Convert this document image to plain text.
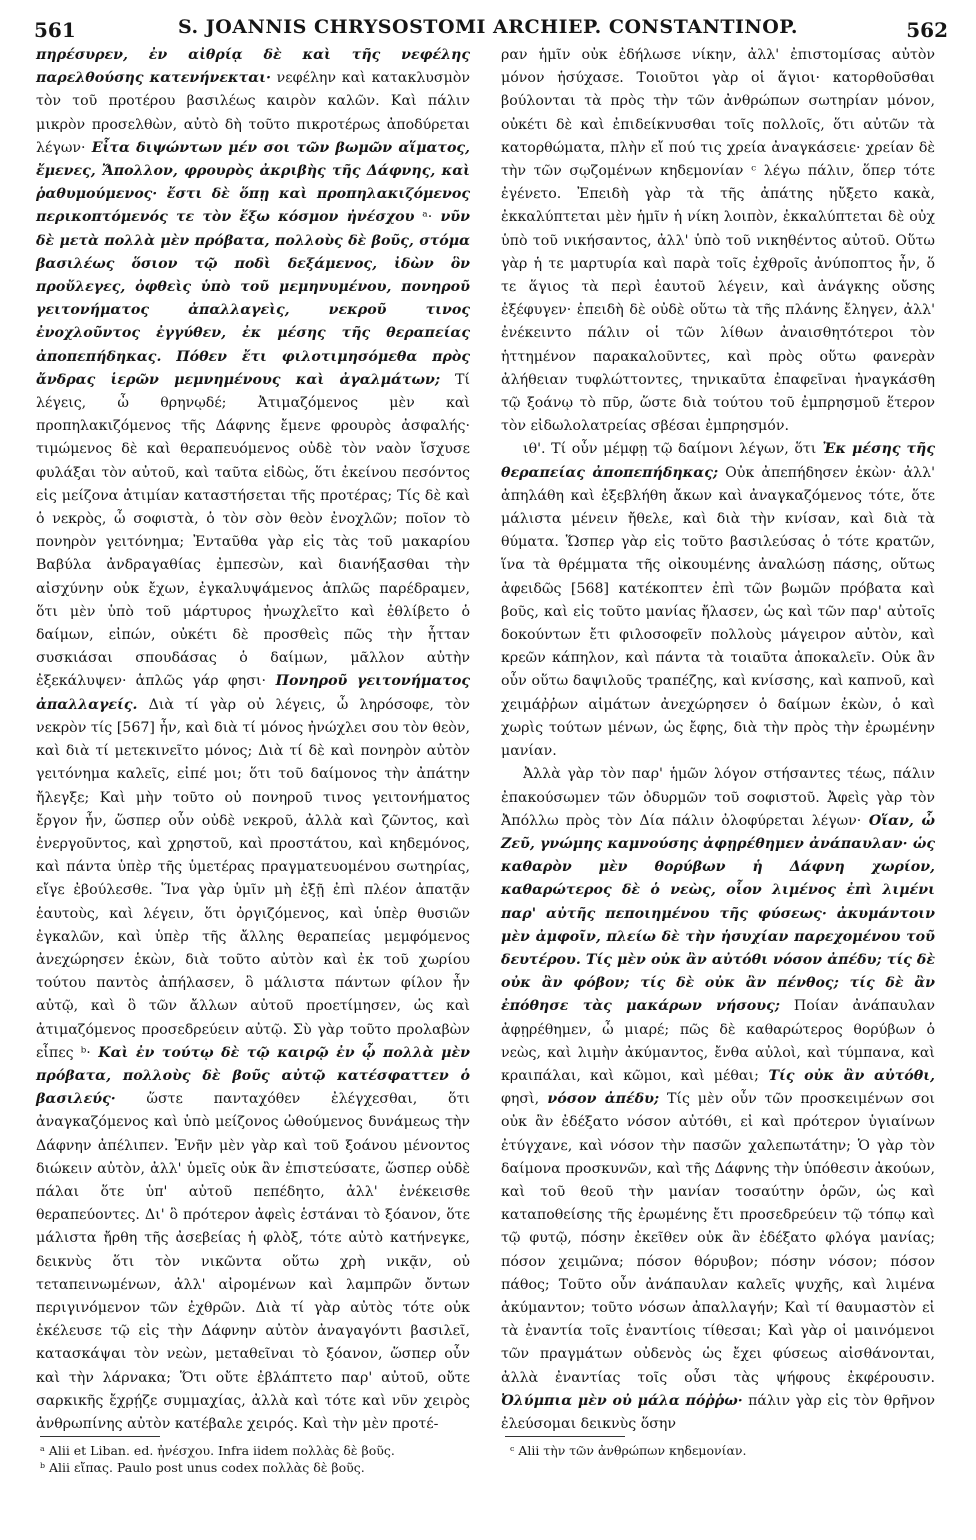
561	S. JOANNIS CHRYSOSTOMI ARCHIEP. CONSTANTINOP.	562

πηρέσυρεν, ἐν αἰθρίᾳ δὲ καὶ τῆς νεφέλης παρελθούσης κατενήνεκται· νεφέλην καὶ κατακλυσμὸν τὸν τοῦ προτέρου βασιλέως καιρὸν καλῶν. Καὶ πάλιν μικρὸν προσελθὼν, αὐτὸ δὴ τοῦτο πικροτέρως ἀποδύρεται λέγων· Εἶτα διψώντων μέν σοι τῶν βωμῶν αἵματος, ἔμενες, Ἄπολλον, φρουρὸς ἀκριβὴς τῆς Δάφνης, καὶ ῥαθυμούμενος· ἔστι δὲ ὅπῃ καὶ προπηλακιζόμενος περικοπτόμενός τε τὸν ἔξω κόσμον ἠνέσχου ᵃ· νῦν δὲ μετὰ πολλὰ μὲν πρόβατα, πολλοὺς δὲ βοῦς, στόμα βασιλέως ὅσιον τῷ ποδὶ δεξάμενος, ἰδὼν ὃν προὔλεγες, ὀφθεὶς ὑπὸ τοῦ μεμηνυμένου, πονηροῦ γειτονήματος ἀπαλλαγεὶς, νεκροῦ τινος ἐνοχλοῦντος ἐγγύθεν, ἐκ μέσης τῆς θεραπείας ἀποπεπήδηκας. Πόθεν ἔτι φιλοτιμησόμεθα πρὸς ἄνδρας ἱερῶν μεμνημένους καὶ ἀγαλμάτων; Τί λέγεις, ὦ θρηνῳδέ; Ἀτιμαζόμενος μὲν καὶ προπηλακιζόμενος τῆς Δάφνης ἔμενε φρουρὸς ἀσφαλής· τιμώμενος δὲ καὶ θεραπευόμενος οὐδὲ τὸν ναὸν ἴσχυσε φυλάξαι τὸν αὐτοῦ, καὶ ταῦτα εἰδὼς, ὅτι ἐκείνου πεσόντος εἰς μείζονα ἀτιμίαν καταστήσεται τῆς προτέρας; Τίς δὲ καὶ ὁ νεκρὸς, ὦ σοφιστὰ, ὁ τὸν σὸν θεὸν ἐνοχλῶν; ποῖον τὸ πονηρὸν γειτόνημα; Ἐνταῦθα γὰρ εἰς τὰς τοῦ μακαρίου Βαβύλα ἀνδραγαθίας ἐμπεσὼν, καὶ διανήξασθαι τὴν αἰσχύνην οὐκ ἔχων, ἐγκαλυψάμενος ἁπλῶς παρέδραμεν, ὅτι μὲν ὑπὸ τοῦ μάρτυρος ἠνωχλεῖτο καὶ ἐθλίβετο ὁ δαίμων, εἰπών, οὐκέτι δὲ προσθεὶς πῶς τὴν ἧτταν συσκιάσαι σπουδάσας ὁ δαίμων, μᾶλλον αὐτὴν ἐξεκάλυψεν· ἁπλῶς γάρ φησι· Πονηροῦ γειτονήματος ἀπαλλαγείς. Διὰ τί γὰρ οὐ λέγεις, ὦ ληρόσοφε, τὸν νεκρὸν τίς [567] ἦν, καὶ διὰ τί μόνος ἠνώχλει σου τὸν θεὸν, καὶ διὰ τί μετεκινεῖτο μόνος; Διὰ τί δὲ καὶ πονηρὸν αὐτὸν γειτόνημα καλεῖς, εἰπέ μοι; ὅτι τοῦ δαίμονος τὴν ἀπάτην ἤλεγξε; Καὶ μὴν τοῦτο οὐ πονηροῦ τινος γειτονήματος ἔργον ἦν, ὥσπερ οὖν οὐδὲ νεκροῦ, ἀλλὰ καὶ ζῶντος, καὶ ἐνεργοῦντος, καὶ χρηστοῦ, καὶ προστάτου, καὶ κηδεμόνος, καὶ πάντα ὑπὲρ τῆς ὑμετέρας πραγματευομένου σωτηρίας, εἴγε ἐβούλεσθε. Ἵνα γὰρ ὑμῖν μὴ ἐξῇ ἐπὶ πλέον ἀπατᾷν ἑαυτοὺς, καὶ λέγειν, ὅτι ὀργιζόμενος, καὶ ὑπὲρ θυσιῶν ἐγκαλῶν, καὶ ὑπὲρ τῆς ἄλλης θεραπείας μεμφόμενος ἀνεχώρησεν ἑκὼν, διὰ τοῦτο αὐτὸν καὶ ἐκ τοῦ χωρίου τούτου παντὸς ἀπήλασεν, ὃ μάλιστα πάντων φίλον ἦν αὐτῷ, καὶ ὃ τῶν ἄλλων αὐτοῦ προετίμησεν, ὡς καὶ ἀτιμαζόμενος προσεδρεύειν αὐτῷ. Σὺ γὰρ τοῦτο προλαβὼν εἶπες ᵇ· Καὶ ἐν τούτῳ δὲ τῷ καιρῷ ἐν ᾧ πολλὰ μὲν πρόβατα, πολλοὺς δὲ βοῦς αὐτῷ κατέσφαττεν ὁ βασιλεύς· ὥστε πανταχόθεν ἐλέγχεσθαι, ὅτι ἀναγκαζόμενος καὶ ὑπὸ μείζονος ὠθούμενος δυνάμεως τὴν Δάφνην ἀπέλιπεν. Ἐνῆν μὲν γὰρ καὶ τοῦ ξοάνου μένοντος διώκειν αὐτὸν, ἀλλ' ὑμεῖς οὐκ ἂν ἐπιστεύσατε, ὥσπερ οὐδὲ πάλαι ὅτε ὑπ' αὐτοῦ πεπέδητο, ἀλλ' ἐνέκεισθε θεραπεύοντες. Δι' ὃ πρότερον ἀφεὶς ἑστάναι τὸ ξόανον, ὅτε μάλιστα ἤρθη τῆς ἀσεβείας ἡ φλὸξ, τότε αὐτὸ κατήνεγκε, δεικνὺς ὅτι τὸν νικῶντα οὕτω χρὴ νικᾷν, οὐ τεταπεινωμένων, ἀλλ' αἰρομένων καὶ λαμπρῶν ὄντων περιγινόμενον τῶν ἐχθρῶν. Διὰ τί γὰρ αὐτὸς τότε οὐκ ἐκέλευσε τῷ εἰς τὴν Δάφνην αὐτὸν ἀναγαγόντι βασιλεῖ, κατασκάψαι τὸν νεὼν, μεταθεῖναι τὸ ξόανον, ὥσπερ οὖν καὶ τὴν λάρνακα; Ὅτι οὔτε ἐβλάπτετο παρ' αὐτοῦ, οὔτε σαρκικῆς ἔχρῄζε συμμαχίας, ἀλλὰ καὶ τότε καὶ νῦν χειρὸς ἀνθρωπίνης αὐτὸν κατέβαλε χειρός. Καὶ τὴν μὲν προτέ-

ραν ἡμῖν οὐκ ἐδήλωσε νίκην, ἀλλ' ἐπιστομίσας αὐτὸν μόνον ἡσύχασε. Τοιοῦτοι γὰρ οἱ ἅγιοι· κατορθοῦσθαι βούλονται τὰ πρὸς τὴν τῶν ἀνθρώπων σωτηρίαν μόνον, οὐκέτι δὲ καὶ ἐπιδείκνυσθαι τοῖς πολλοῖς, ὅτι αὐτῶν τὰ κατορθώματα, πλὴν εἴ πού τις χρεία ἀναγκάσειε· χρείαν δὲ τὴν τῶν σῳζομένων κηδεμονίαν ᶜ λέγω πάλιν, ὅπερ τότε ἐγένετο. Ἐπειδὴ γὰρ τὰ τῆς ἀπάτης ηὔξετο κακὰ, ἐκκαλύπτεται μὲν ἡμῖν ἡ νίκη λοιπὸν, ἐκκαλύπτεται δὲ οὐχ ὑπὸ τοῦ νικήσαντος, ἀλλ' ὑπὸ τοῦ νικηθέντος αὐτοῦ. Οὕτω γὰρ ἡ τε μαρτυρία καὶ παρὰ τοῖς ἐχθροῖς ἀνύποπτος ἦν, ὅ τε ἅγιος τὰ περὶ ἑαυτοῦ λέγειν, καὶ ἀνάγκης οὔσης ἐξέφυγεν· ἐπειδὴ δὲ οὐδὲ οὕτω τὰ τῆς πλάνης ἔληγεν, ἀλλ' ἐνέκειντο πάλιν οἱ τῶν λίθων ἀναισθητότεροι τὸν ἡττημένον παρακαλοῦντες, καὶ πρὸς οὕτω φανερὰν ἀλήθειαν τυφλώττοντες, τηνικαῦτα ἐπαφεῖναι ἠναγκάσθη τῷ ξοάνῳ τὸ πῦρ, ὥστε διὰ τούτου τοῦ ἐμπρησμοῦ ἕτερον τὸν εἰδωλολατρείας σβέσαι ἐμπρησμόν.

ιθ'. Τί οὖν μέμφῃ τῷ δαίμονι λέγων, ὅτι Ἐκ μέσης τῆς θεραπείας ἀποπεπήδηκας; Οὐκ ἀπεπήδησεν ἑκὼν· ἀλλ' ἀπηλάθη καὶ ἐξεβλήθη ἄκων καὶ ἀναγκαζόμενος τότε, ὅτε μάλιστα μένειν ἤθελε, καὶ διὰ τὴν κνίσαν, καὶ διὰ τὰ θύματα. Ὥσπερ γὰρ εἰς τοῦτο βασιλεύσας ὁ τότε κρατῶν, ἵνα τὰ θρέμματα τῆς οἰκουμένης ἀναλώσῃ πάσης, οὕτως ἀφειδῶς [568] κατέκοπτεν ἐπὶ τῶν βωμῶν πρόβατα καὶ βοῦς, καὶ εἰς τοῦτο μανίας ἤλασεν, ὡς καὶ τῶν παρ' αὐτοῖς δοκούντων ἔτι φιλοσοφεῖν πολλοὺς μάγειρον αὐτὸν, καὶ κρεῶν κάπηλον, καὶ πάντα τὰ τοιαῦτα ἀποκαλεῖν. Οὐκ ἂν οὖν οὕτω δαψιλοῦς τραπέζης, καὶ κνίσσης, καὶ καπνοῦ, καὶ χειμάῤῥων αἱμάτων ἀνεχώρησεν ὁ δαίμων ἑκὼν, ὁ καὶ χωρὶς τούτων μένων, ὡς ἔφης, διὰ τὴν πρὸς τὴν ἐρωμένην μανίαν.

Ἀλλὰ γὰρ τὸν παρ' ἡμῶν λόγον στήσαντες τέως, πάλιν ἐπακούσωμεν τῶν ὀδυρμῶν τοῦ σοφιστοῦ. Ἀφεὶς γὰρ τὸν Ἀπόλλω πρὸς τὸν Δία πάλιν ὀλοφύρεται λέγων· Οἵαν, ὦ Ζεῦ, γνώμης καμνούσης ἀφῃρέθημεν ἀνάπαυλαν· ὡς καθαρὸν μὲν θορύβων ἡ Δάφνη χωρίον, καθαρώτερος δὲ ὁ νεὼς, οἷον λιμένος ἐπὶ λιμένι παρ' αὐτῆς πεποιημένου τῆς φύσεως· ἀκυμάντοιν μὲν ἀμφοῖν, πλείω δὲ τὴν ἡσυχίαν παρεχομένου τοῦ δευτέρου. Τίς μὲν οὐκ ἂν αὐτόθι νόσον ἀπέδυ; τίς δὲ οὐκ ἂν φόβον; τίς δὲ οὐκ ἂν πένθος; τίς δὲ ἂν ἐπόθησε τὰς μακάρων νήσους; Ποίαν ἀνάπαυλαν ἀφῃρέθημεν, ὦ μιαρέ; πῶς δὲ καθαρώτερος θορύβων ὁ νεὼς, καὶ λιμὴν ἀκύμαντος, ἔνθα αὐλοὶ, καὶ τύμπανα, καὶ κραιπάλαι, καὶ κῶμοι, καὶ μέθαι; Τίς οὐκ ἂν αὐτόθι, φησὶ, νόσον ἀπέδυ; Τίς μὲν οὖν τῶν προσκειμένων σοι οὐκ ἂν ἐδέξατο νόσον αὐτόθι, εἰ καὶ πρότερον ὑγιαίνων ἐτύγχανε, καὶ νόσον τὴν πασῶν χαλεπωτάτην; Ὁ γὰρ τὸν δαίμονα προσκυνῶν, καὶ τῆς Δάφνης τὴν ὑπόθεσιν ἀκούων, καὶ τοῦ θεοῦ τὴν μανίαν τοσαύτην ὁρῶν, ὡς καὶ καταποθείσης τῆς ἐρωμένης ἔτι προσεδρεύειν τῷ τόπῳ καὶ τῷ φυτῷ, πόσην ἐκεῖθεν οὐκ ἂν ἐδέξατο φλόγα μανίας; πόσον χειμῶνα; πόσον θόρυβον; πόσην νόσον; πόσον πάθος; Τοῦτο οὖν ἀνάπαυλαν καλεῖς ψυχῆς, καὶ λιμένα ἀκύμαντον; τοῦτο νόσων ἀπαλλαγήν; Καὶ τί θαυμαστὸν εἰ τὰ ἐναντία τοῖς ἐναντίοις τίθεσαι; Καὶ γὰρ οἱ μαινόμενοι τῶν πραγμάτων οὐδενὸς ὡς ἔχει φύσεως αἰσθάνονται, ἀλλὰ ἐναντίας τοῖς οὖσι τὰς ψήφους ἐκφέρουσιν. Ὀλύμπια μὲν οὐ μάλα πόῤῥω· πάλιν γὰρ εἰς τὸν θρῆνον ἐλεύσομαι δεικνὺς ὅσην

ᵃ Alii et Liban. ed. ἠνέσχου. Infra iidem πολλὰς δὲ βοῦς.
ᵇ Alii εἴπας. Paulo post unus codex πολλὰς δὲ βοῦς.
ᶜ Alii τὴν τῶν ἀνθρώπων κηδεμονίαν.
